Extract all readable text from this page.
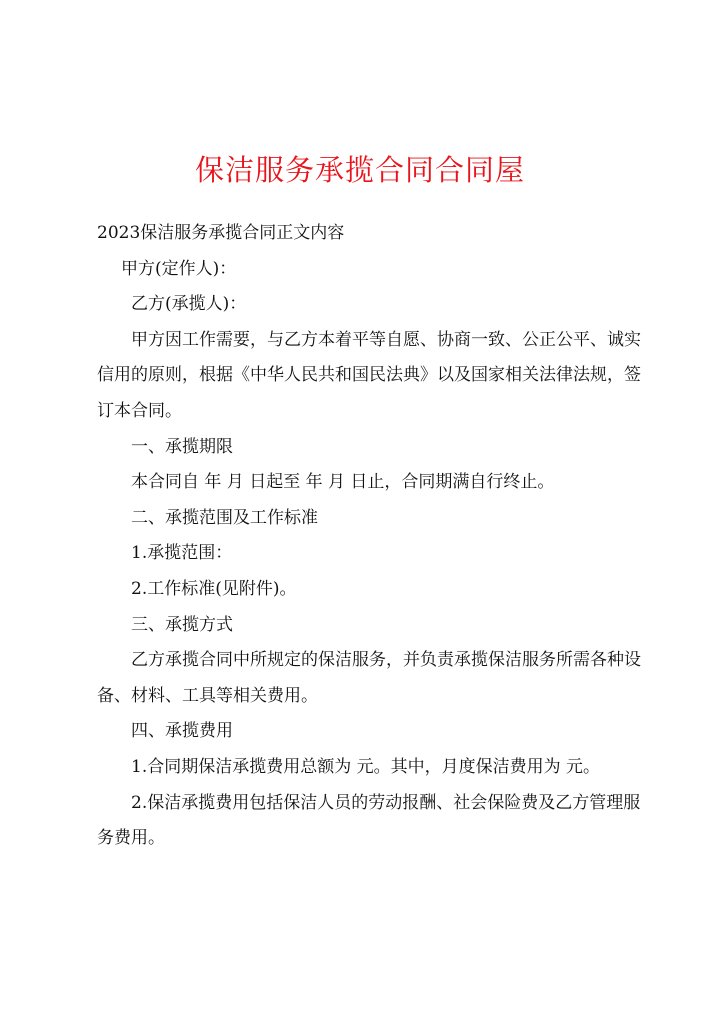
保洁服务承揽合同合同屋

2023保洁服务承揽合同正文内容

甲方(定作人)：

乙方(承揽人)：

甲方因工作需要，与乙方本着平等自愿、协商一致、公正公平、诚实信用的原则，根据《中华人民共和国民法典》以及国家相关法律法规，签订本合同。

一、承揽期限

本合同自 年 月 日起至 年 月 日止，合同期满自行终止。

二、承揽范围及工作标准

1.承揽范围：

2.工作标准(见附件)。

三、承揽方式

乙方承揽合同中所规定的保洁服务，并负责承揽保洁服务所需各种设备、材料、工具等相关费用。

四、承揽费用

1.合同期保洁承揽费用总额为 元。其中，月度保洁费用为 元。

2.保洁承揽费用包括保洁人员的劳动报酬、社会保险费及乙方管理服务费用。
